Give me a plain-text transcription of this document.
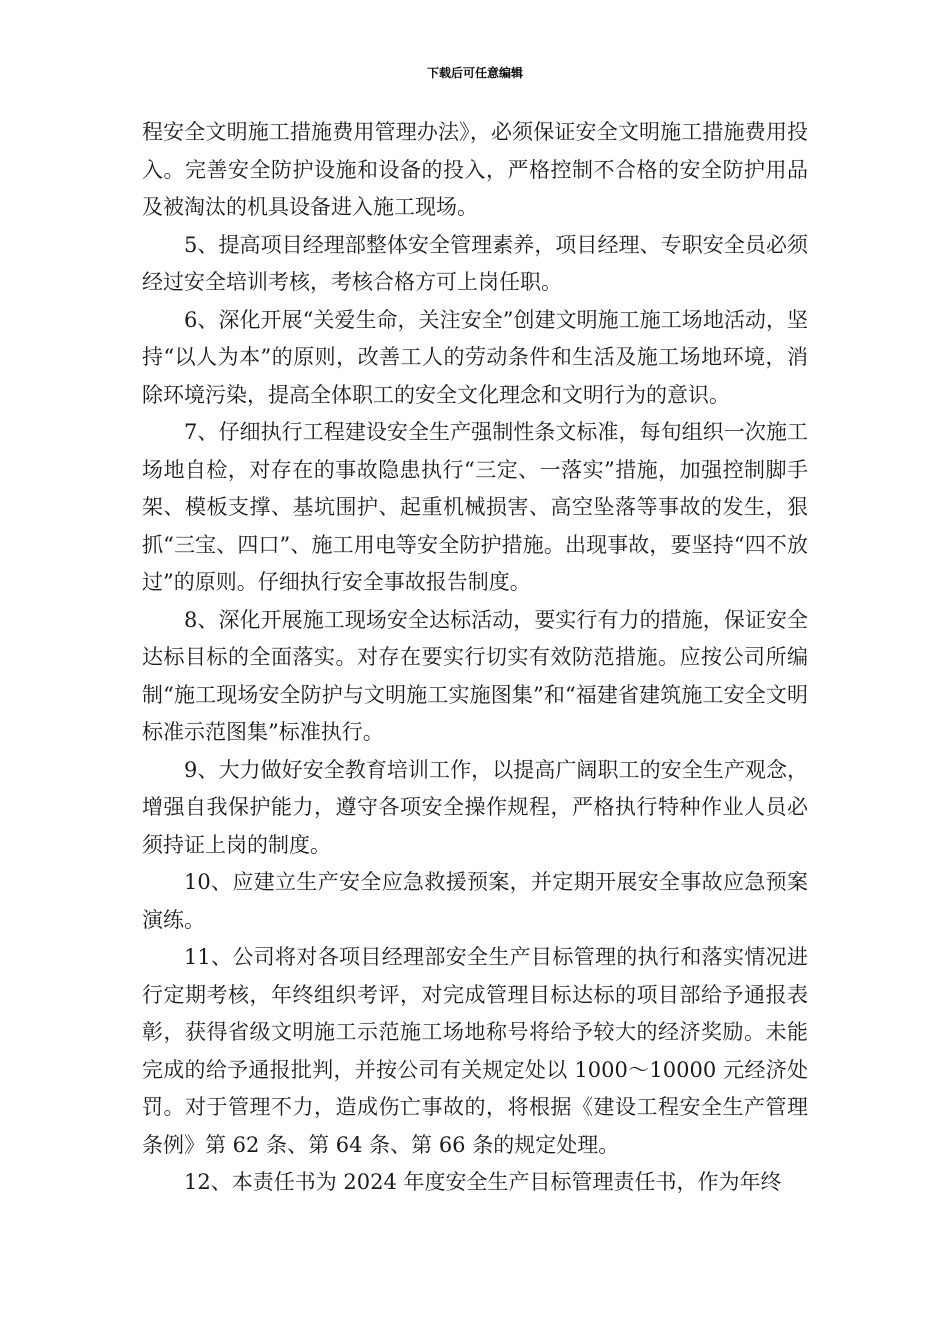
下载后可任意编辑

程安全文明施工措施费用管理办法》，必须保证安全文明施工措施费用投入。完善安全防护设施和设备的投入，严格控制不合格的安全防护用品及被淘汰的机具设备进入施工现场。

5、提高项目经理部整体安全管理素养，项目经理、专职安全员必须经过安全培训考核，考核合格方可上岗任职。

6、深化开展“关爱生命，关注安全”创建文明施工施工场地活动，坚持“以人为本”的原则，改善工人的劳动条件和生活及施工场地环境，消除环境污染，提高全体职工的安全文化理念和文明行为的意识。

7、仔细执行工程建设安全生产强制性条文标准，每旬组织一次施工场地自检，对存在的事故隐患执行“三定、一落实”措施，加强控制脚手架、模板支撑、基坑围护、起重机械损害、高空坠落等事故的发生，狠抓“三宝、四口”、施工用电等安全防护措施。出现事故，要坚持“四不放过”的原则。仔细执行安全事故报告制度。

8、深化开展施工现场安全达标活动，要实行有力的措施，保证安全达标目标的全面落实。对存在要实行切实有效防范措施。应按公司所编制“施工现场安全防护与文明施工实施图集”和“福建省建筑施工安全文明标准示范图集”标准执行。

9、大力做好安全教育培训工作，以提高广阔职工的安全生产观念，增强自我保护能力，遵守各项安全操作规程，严格执行特种作业人员必须持证上岗的制度。

10、应建立生产安全应急救援预案，并定期开展安全事故应急预案演练。

11、公司将对各项目经理部安全生产目标管理的执行和落实情况进行定期考核，年终组织考评，对完成管理目标达标的项目部给予通报表彰，获得省级文明施工示范施工场地称号将给予较大的经济奖励。未能完成的给予通报批判，并按公司有关规定处以 1000～10000 元经济处罚。对于管理不力，造成伤亡事故的，将根据《建设工程安全生产管理条例》第 62 条、第 64 条、第 66 条的规定处理。

12、本责任书为 2024 年度安全生产目标管理责任书，作为年终
